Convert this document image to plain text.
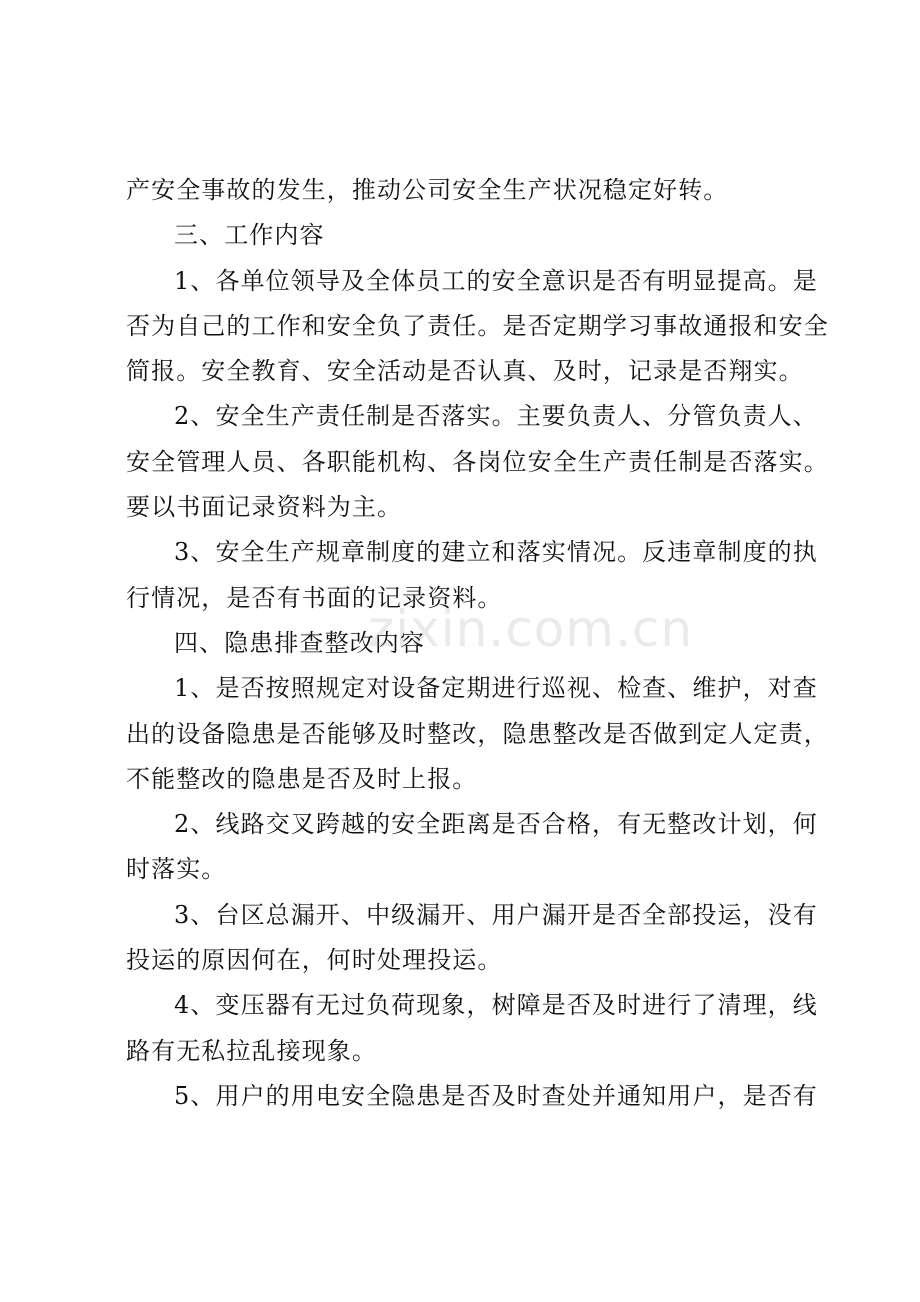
产安全事故的发生，推动公司安全生产状况稳定好转。
三、工作内容
1、各单位领导及全体员工的安全意识是否有明显提高。是
否为自己的工作和安全负了责任。是否定期学习事故通报和安全
简报。安全教育、安全活动是否认真、及时，记录是否翔实。
2、安全生产责任制是否落实。主要负责人、分管负责人、
安全管理人员、各职能机构、各岗位安全生产责任制是否落实。
要以书面记录资料为主。
3、安全生产规章制度的建立和落实情况。反违章制度的执
行情况，是否有书面的记录资料。
四、隐患排查整改内容
1、是否按照规定对设备定期进行巡视、检查、维护，对查
出的设备隐患是否能够及时整改，隐患整改是否做到定人定责，
不能整改的隐患是否及时上报。
2、线路交叉跨越的安全距离是否合格，有无整改计划，何
时落实。
3、台区总漏开、中级漏开、用户漏开是否全部投运，没有
投运的原因何在，何时处理投运。
4、变压器有无过负荷现象，树障是否及时进行了清理，线
路有无私拉乱接现象。
5、用户的用电安全隐患是否及时查处并通知用户，是否有
zixin.com.cn
